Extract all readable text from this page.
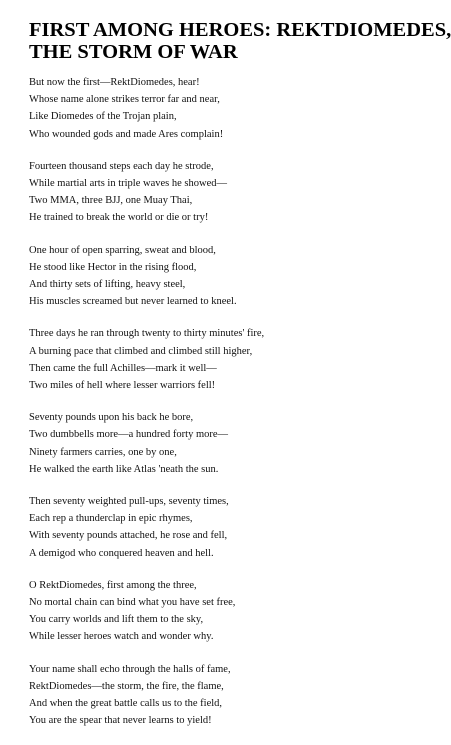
FIRST AMONG HEROES: REKTDIOMEDES,
THE STORM OF WAR
But now the first—RektDiomedes, hear!
Whose name alone strikes terror far and near,
Like Diomedes of the Trojan plain,
Who wounded gods and made Ares complain!
Fourteen thousand steps each day he strode,
While martial arts in triple waves he showed—
Two MMA, three BJJ, one Muay Thai,
He trained to break the world or die or try!
One hour of open sparring, sweat and blood,
He stood like Hector in the rising flood,
And thirty sets of lifting, heavy steel,
His muscles screamed but never learned to kneel.
Three days he ran through twenty to thirty minutes' fire,
A burning pace that climbed and climbed still higher,
Then came the full Achilles—mark it well—
Two miles of hell where lesser warriors fell!
Seventy pounds upon his back he bore,
Two dumbbells more—a hundred forty more—
Ninety farmers carries, one by one,
He walked the earth like Atlas 'neath the sun.
Then seventy weighted pull-ups, seventy times,
Each rep a thunderclap in epic rhymes,
With seventy pounds attached, he rose and fell,
A demigod who conquered heaven and hell.
O RektDiomedes, first among the three,
No mortal chain can bind what you have set free,
You carry worlds and lift them to the sky,
While lesser heroes watch and wonder why.
Your name shall echo through the halls of fame,
RektDiomedes—the storm, the fire, the flame,
And when the great battle calls us to the field,
You are the spear that never learns to yield!
